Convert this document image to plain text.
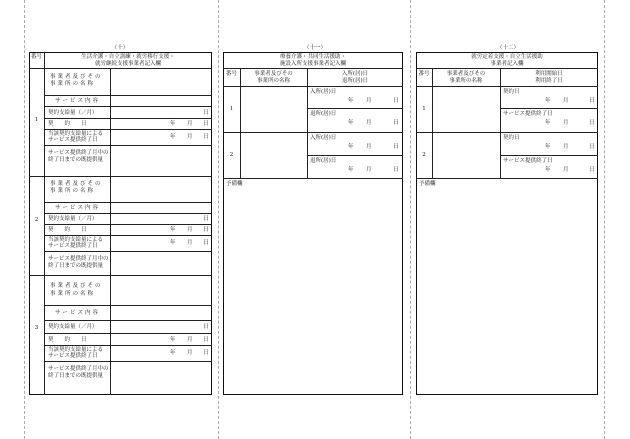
（十）
番号	生活介護・自立訓練・就労移行支援・
就労継続支援事業者記入欄
1
事業者及びその
事業所の名称
サービス内容
契約支給量（／月）	日
契　　約　　日	年 月 日
当該契約支給量による
サービス提供終了日	年 月 日
サービス提供終了月中の
終了日までの既提供量
2
事業者及びその
事業所の名称
サービス内容
契約支給量（／月）	日
契　　約　　日	年 月 日
当該契約支給量による
サービス提供終了日	年 月 日
サービス提供終了月中の
終了日までの既提供量
3
事業者及びその
事業所の名称
サービス内容
契約支給量（／月）	日
契　　約　　日	年 月 日
当該契約支給量による
サービス提供終了日	年 月 日
サービス提供終了月中の
終了日までの既提供量
（十一）
療養介護・共同生活援助・
施設入所支援事業者記入欄
番号	事業者及びその
事業所の名称
入所(居)日
退所(居)日
1
入所(居)日
年 月	日
退所(居)日
年 月	日
2
入所(居)日
年 月	日
退所(居)日
年 月	日
予備欄
（十二）
就労定着支援・自立生活援助
事業者記入欄
番号	事業者及びその
事業所の名称
利用開始日
利用終了日
1
契約日
年 月	日
サービス提供終了日
年 月	日
2
契約日
年 月	日
サービス提供終了日
年 月	日
予備欄
